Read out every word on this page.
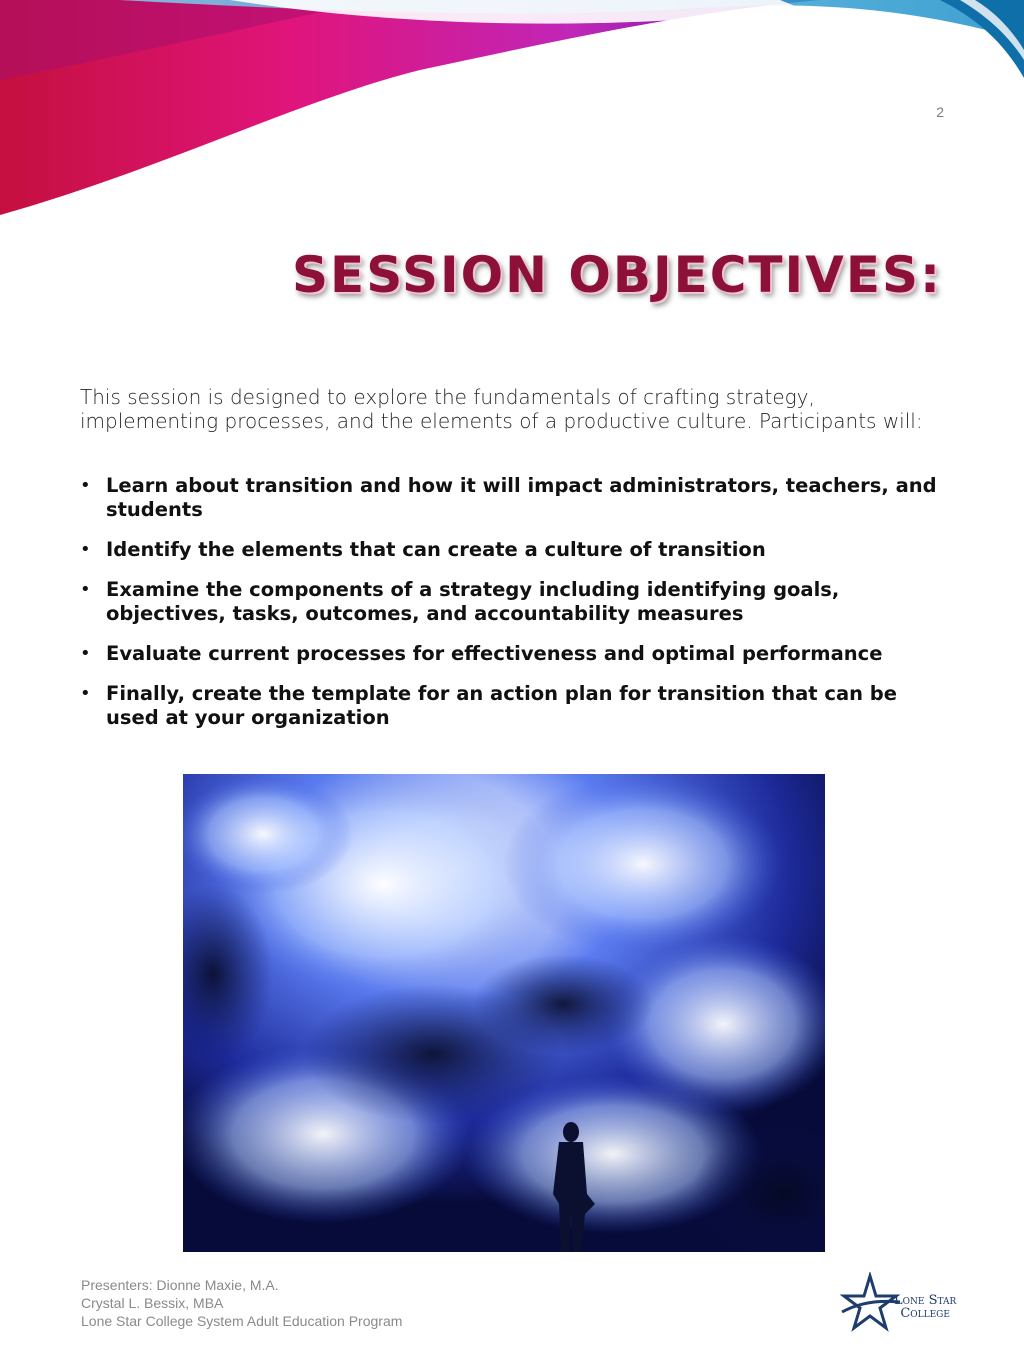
2
SESSION OBJECTIVES:

This session is designed to explore the fundamentals of crafting strategy, implementing processes, and the elements of a productive culture. Participants will:

• Learn about transition and how it will impact administrators, teachers, and students
• Identify the elements that can create a culture of transition
• Examine the components of a strategy including identifying goals, objectives, tasks, outcomes, and accountability measures
• Evaluate current processes for effectiveness and optimal performance
• Finally, create the template for an action plan for transition that can be used at your organization
Presenters: Dionne Maxie, M.A.
Crystal L. Bessix, MBA
Lone Star College System Adult Education Program
Lone Star
College
